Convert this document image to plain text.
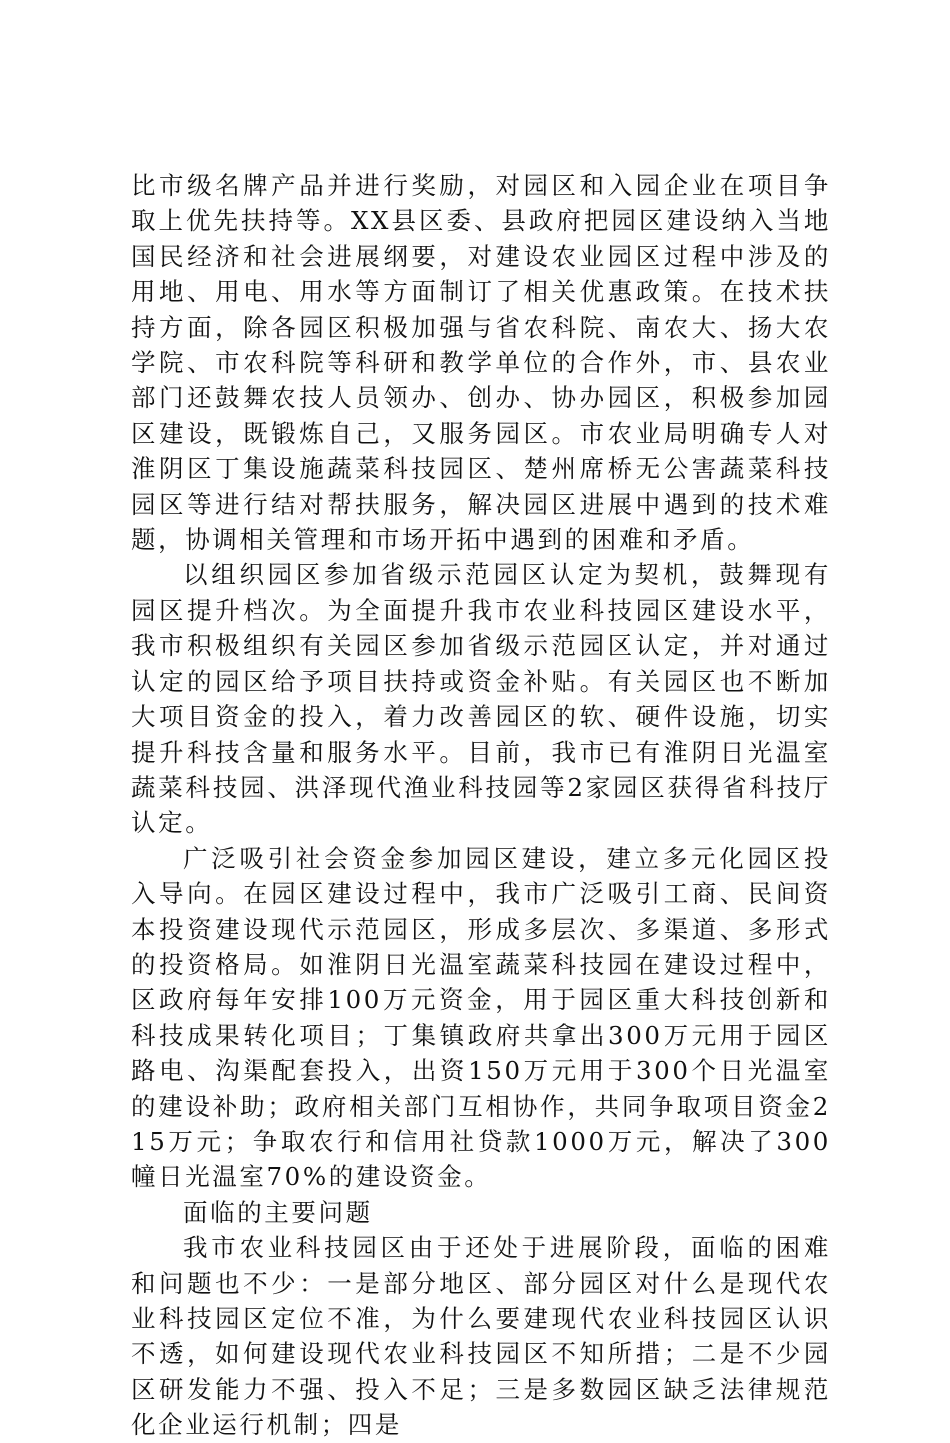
比市级名牌产品并进行奖励，对园区和入园企业在项目争取上优先扶持等。XX县区委、县政府把园区建设纳入当地国民经济和社会进展纲要，对建设农业园区过程中涉及的用地、用电、用水等方面制订了相关优惠政策。在技术扶持方面，除各园区积极加强与省农科院、南农大、扬大农学院、市农科院等科研和教学单位的合作外，市、县农业部门还鼓舞农技人员领办、创办、协办园区，积极参加园区建设，既锻炼自己，又服务园区。市农业局明确专人对淮阴区丁集设施蔬菜科技园区、楚州席桥无公害蔬菜科技园区等进行结对帮扶服务，解决园区进展中遇到的技术难题，协调相关管理和市场开拓中遇到的困难和矛盾。

以组织园区参加省级示范园区认定为契机，鼓舞现有园区提升档次。为全面提升我市农业科技园区建设水平，我市积极组织有关园区参加省级示范园区认定，并对通过认定的园区给予项目扶持或资金补贴。有关园区也不断加大项目资金的投入，着力改善园区的软、硬件设施，切实提升科技含量和服务水平。目前，我市已有淮阴日光温室蔬菜科技园、洪泽现代渔业科技园等2家园区获得省科技厅认定。

广泛吸引社会资金参加园区建设，建立多元化园区投入导向。在园区建设过程中，我市广泛吸引工商、民间资本投资建设现代示范园区，形成多层次、多渠道、多形式的投资格局。如淮阴日光温室蔬菜科技园在建设过程中，区政府每年安排100万元资金，用于园区重大科技创新和科技成果转化项目；丁集镇政府共拿出300万元用于园区路电、沟渠配套投入，出资150万元用于300个日光温室的建设补助；政府相关部门互相协作，共同争取项目资金215万元；争取农行和信用社贷款1000万元，解决了300幢日光温室70%的建设资金。

面临的主要问题

我市农业科技园区由于还处于进展阶段，面临的困难和问题也不少：一是部分地区、部分园区对什么是现代农业科技园区定位不准，为什么要建现代农业科技园区认识不透，如何建设现代农业科技园区不知所措；二是不少园区研发能力不强、投入不足；三是多数园区缺乏法律规范化企业运行机制；四是
